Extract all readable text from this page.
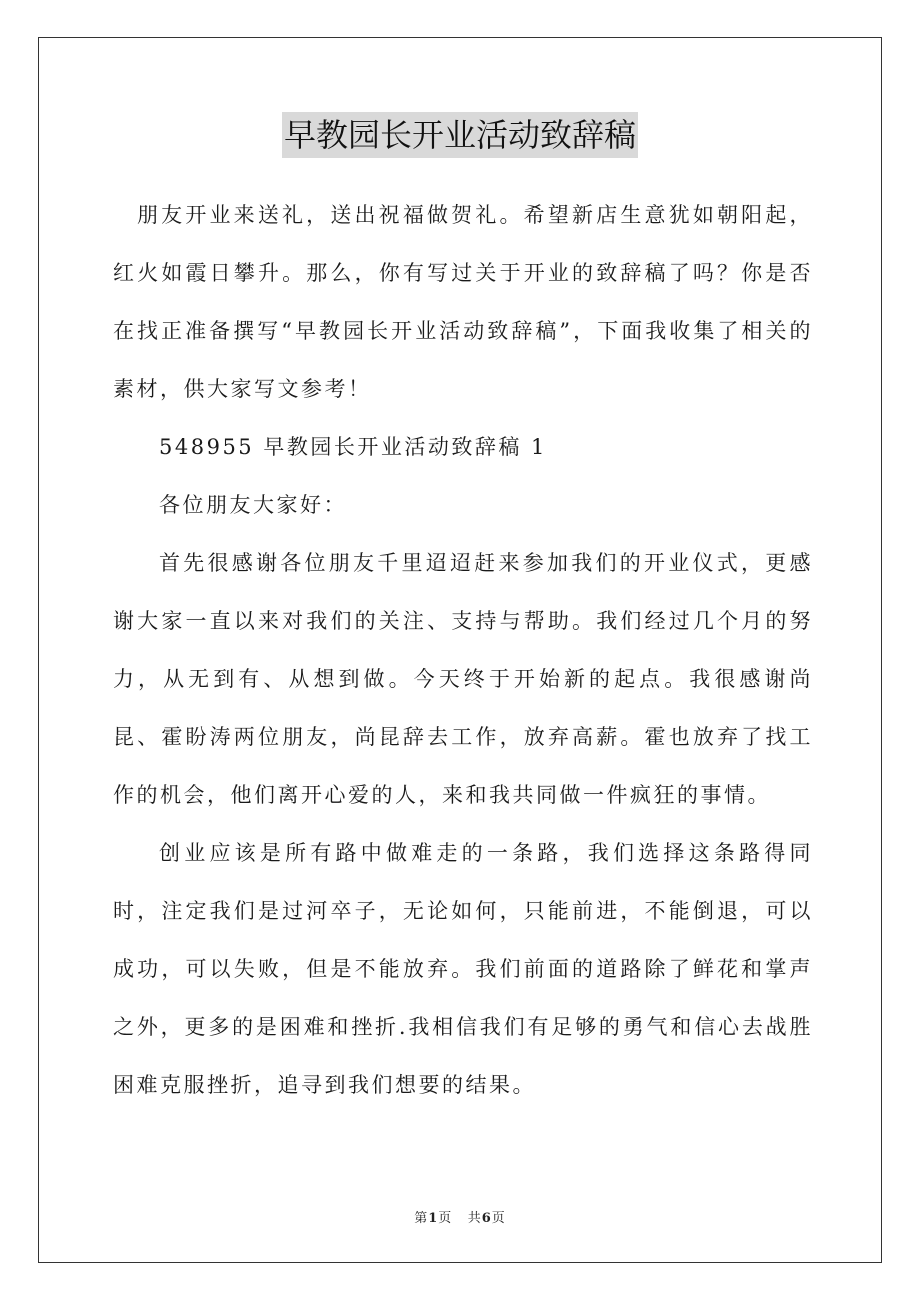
早教园长开业活动致辞稿

朋友开业来送礼，送出祝福做贺礼。希望新店生意犹如朝阳起，红火如霞日攀升。那么，你有写过关于开业的致辞稿了吗？你是否在找正准备撰写“早教园长开业活动致辞稿”，下面我收集了相关的素材，供大家写文参考！

548955 早教园长开业活动致辞稿 1

各位朋友大家好：

首先很感谢各位朋友千里迢迢赶来参加我们的开业仪式，更感谢大家一直以来对我们的关注、支持与帮助。我们经过几个月的努力，从无到有、从想到做。今天终于开始新的起点。我很感谢尚昆、霍盼涛两位朋友，尚昆辞去工作，放弃高薪。霍也放弃了找工作的机会，他们离开心爱的人，来和我共同做一件疯狂的事情。

创业应该是所有路中做难走的一条路，我们选择这条路得同时，注定我们是过河卒子，无论如何，只能前进，不能倒退，可以成功，可以失败，但是不能放弃。我们前面的道路除了鲜花和掌声之外，更多的是困难和挫折.我相信我们有足够的勇气和信心去战胜困难克服挫折，追寻到我们想要的结果。

第1页 共6页
